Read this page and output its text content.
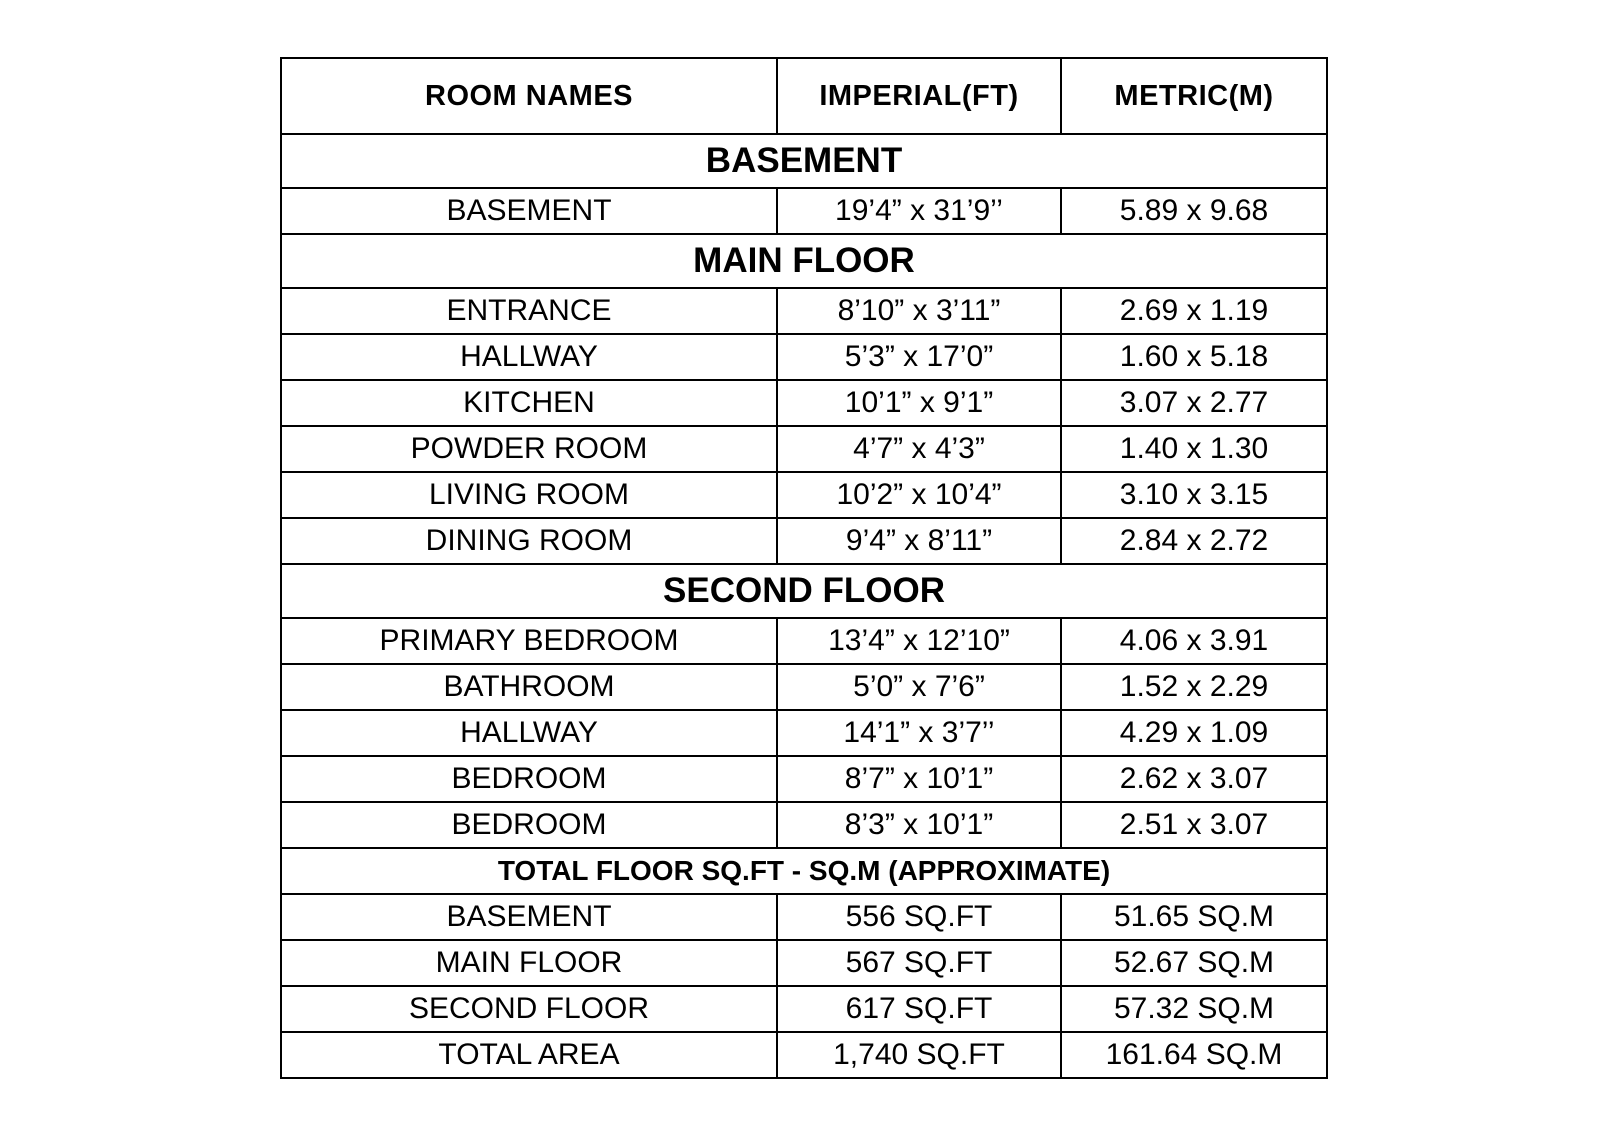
ROOM NAMES	IMPERIAL(FT)	METRIC(M)
BASEMENT		
BASEMENT	19’4” x 31’9’’	5.89 x 9.68
MAIN FLOOR		
ENTRANCE	8’10” x 3’11”	2.69 x 1.19
HALLWAY	5’3” x 17’0”	1.60 x 5.18
KITCHEN	10’1” x 9’1”	3.07 x 2.77
POWDER ROOM	4’7” x 4’3”	1.40 x 1.30
LIVING ROOM	10’2” x 10’4”	3.10 x 3.15
DINING ROOM	9’4” x 8’11”	2.84 x 2.72
SECOND FLOOR		
PRIMARY BEDROOM	13’4” x 12’10”	4.06 x 3.91
BATHROOM	5’0” x 7’6”	1.52 x 2.29
HALLWAY	14’1” x 3’7’’	4.29 x 1.09
BEDROOM	8’7” x 10’1”	2.62 x 3.07
BEDROOM	8’3” x 10’1”	2.51 x 3.07
TOTAL FLOOR SQ.FT - SQ.M (APPROXIMATE)		
BASEMENT	556 SQ.FT	51.65 SQ.M
MAIN FLOOR	567 SQ.FT	52.67 SQ.M
SECOND FLOOR	617 SQ.FT	57.32 SQ.M
TOTAL AREA	1,740 SQ.FT	161.64 SQ.M
